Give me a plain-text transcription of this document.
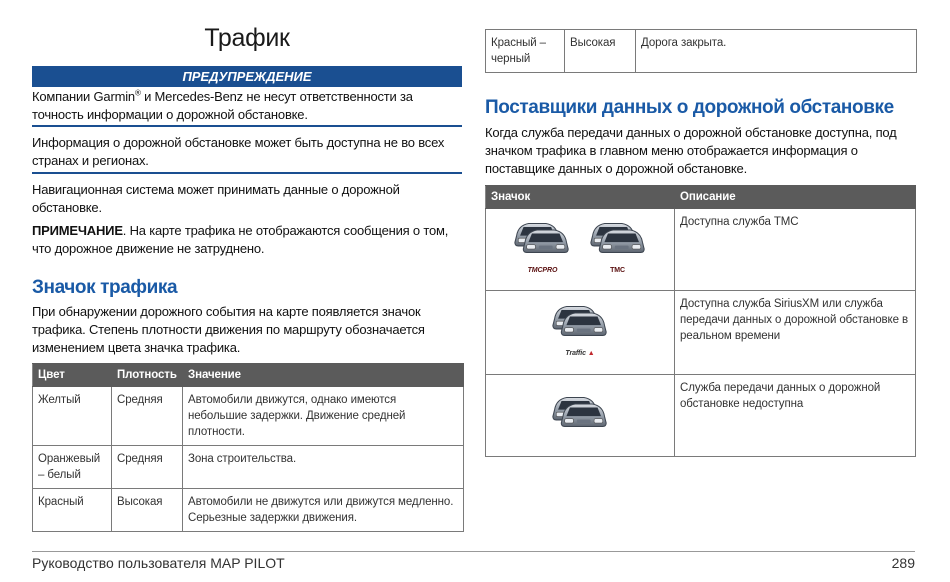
Трафик
ПРЕДУПРЕЖДЕНИЕ
Компании Garmin® и Mercedes-Benz не несут ответственности за точность информации о дорожной обстановке.
Информация о дорожной обстановке может быть доступна не во всех странах и регионах.
Навигационная система может принимать данные о дорожной обстановке.
ПРИМЕЧАНИЕ. На карте трафика не отображаются сообщения о том, что дорожное движение не затруднено.
Значок трафика
При обнаружении дорожного события на карте появляется значок трафика. Степень плотности движения по маршруту обозначается изменением цвета значка трафика.
Цвет	Плотность	Значение
Желтый	Средняя	Автомобили движутся, однако имеются небольшие задержки. Движение средней плотности.
Оранжевый – белый	Средняя	Зона строительства.
Красный	Высокая	Автомобили не движутся или движутся медленно. Серьезные задержки движения.
Красный – черный	Высокая	Дорога закрыта.
Поставщики данных о дорожной обстановке
Когда служба передачи данных о дорожной обстановке доступна, под значком трафика в главном меню отображается информация о поставщике данных о дорожной обстановке.
Значок	Описание

TMCPRO
TMC	Доступна служба TMC

Traffic ▲	Доступна служба SiriusXM или служба передачи данных о дорожной обстановке в реальном времени
	Служба передачи данных о дорожной обстановке недоступна
Руководство пользователя MAP PILOT	289
